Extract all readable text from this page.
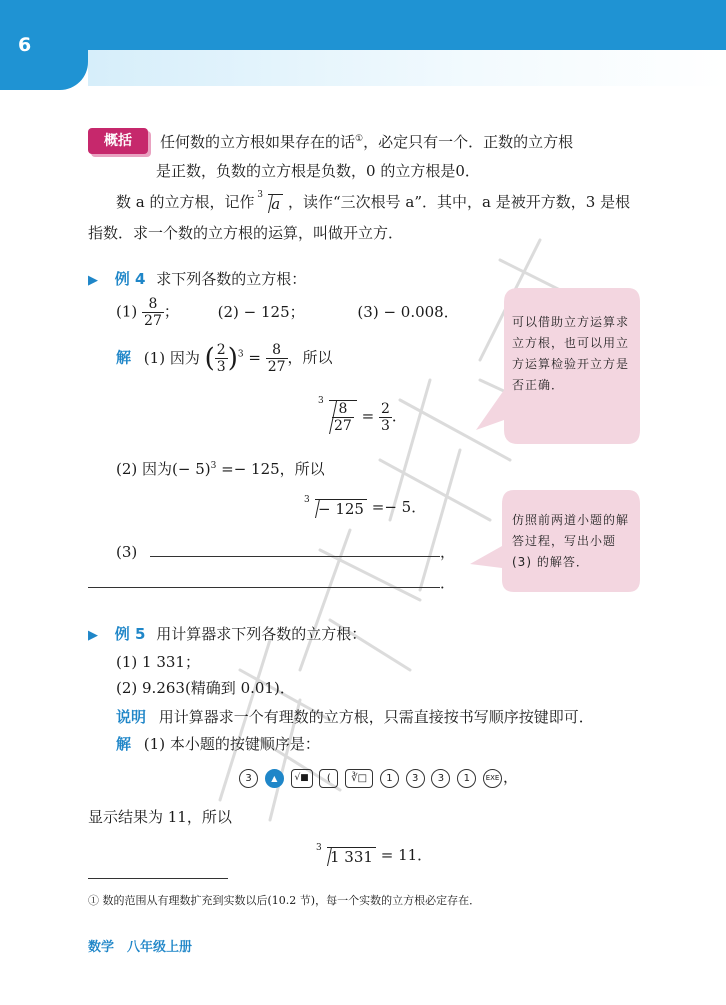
6
概括	任何数的立方根如果存在的话①，必定只有一个．正数的立方根
是正数，负数的立方根是负数，0 的立方根是0．
数 a 的立方根，记作 3 a ，读作“三次根号 a”．其中，a 是被开方数，3 是根
指数．求一个数的立方根的运算，叫做开立方．
▶ 例 4 求下列各数的立方根：
$(1) \frac{8}{27}$ ；	(2) − 125；	(3) − 0.008．
解 (1) 因为 ( $\frac{2}{3} )^3 = \frac{8}{27}$ ，所以
$3 \frac{8}{27} = \frac{2}{3}$ ．
(2) 因为(− 5)$^3$ =− 125，所以
3 − 125 =− 5．
(3)	，
．
可以借助立方运算求立方根，也可以用立方运算检验开立方是否正确．
仿照前两道小题的解答过程，写出小题(3) 的解答．
▶ 例 5 用计算器求下列各数的立方根：
(1) 1 331；
(2) 9.263(精确到 0.01)．
说明 用计算器求一个有理数的立方根，只需直接按书写顺序按键即可．
解 (1) 本小题的按键顺序是：
3 ▲ √■ ( ∛□ 1 3 3 1 EXE ，
显示结果为 11，所以
3 1 331 = 11．
① 数的范围从有理数扩充到实数以后(10.2 节)，每一个实数的立方根必定存在．
数学　八年级上册
